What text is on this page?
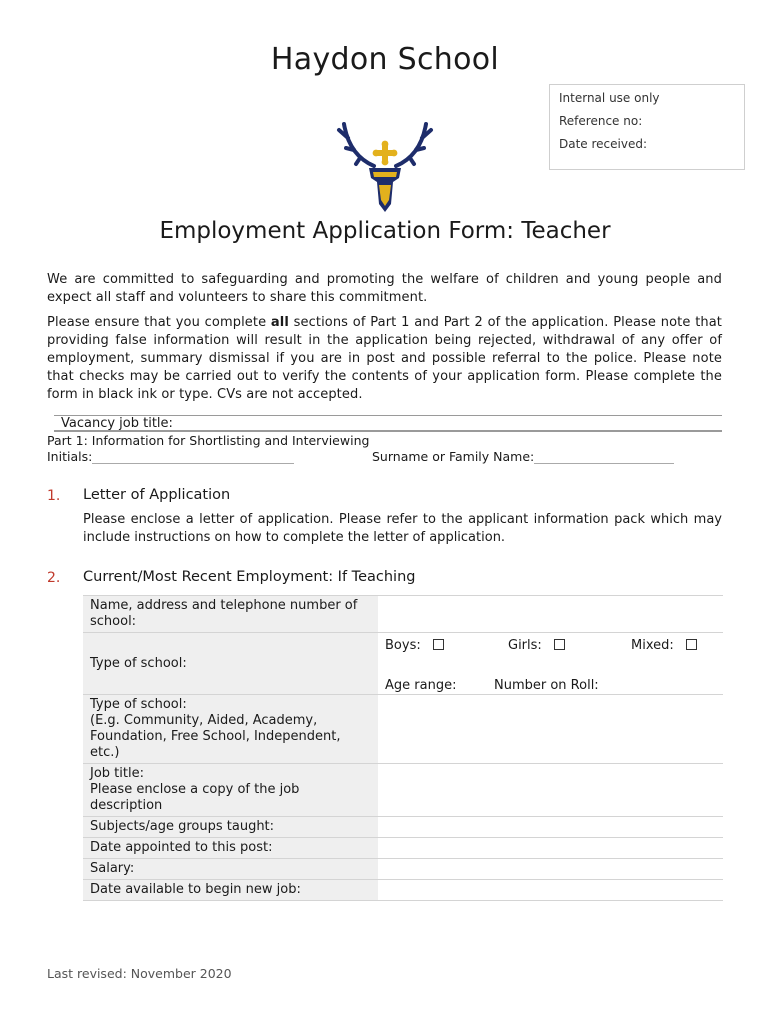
Haydon School
Internal use only
Reference no:
Date received:
Employment Application Form: Teacher
We are committed to safeguarding and promoting the welfare of children and young people and expect all staff and volunteers to share this commitment.
Please ensure that you complete all sections of Part 1 and Part 2 of the application. Please note that providing false information will result in the application being rejected, withdrawal of any offer of employment, summary dismissal if you are in post and possible referral to the police. Please note that checks may be carried out to verify the contents of your application form. Please complete the form in black ink or type. CVs are not accepted.
Vacancy job title:
Part 1: Information for Shortlisting and Interviewing
Initials:	Surname or Family Name:
1. Letter of Application
Please enclose a letter of application. Please refer to the applicant information pack which may include instructions on how to complete the letter of application.
2. Current/Most Recent Employment: If Teaching
Name, address and telephone number of school:	
Type of school:	Boys: Girls: Mixed:
Age range: Number on Roll:

Type of school:
(E.g. Community, Aided, Academy, Foundation, Free School, Independent, etc.)	

Job title:
Please enclose a copy of the job description	

Subjects/age groups taught:	
Date appointed to this post:	
Salary:	
Date available to begin new job:	
Last revised: November 2020
